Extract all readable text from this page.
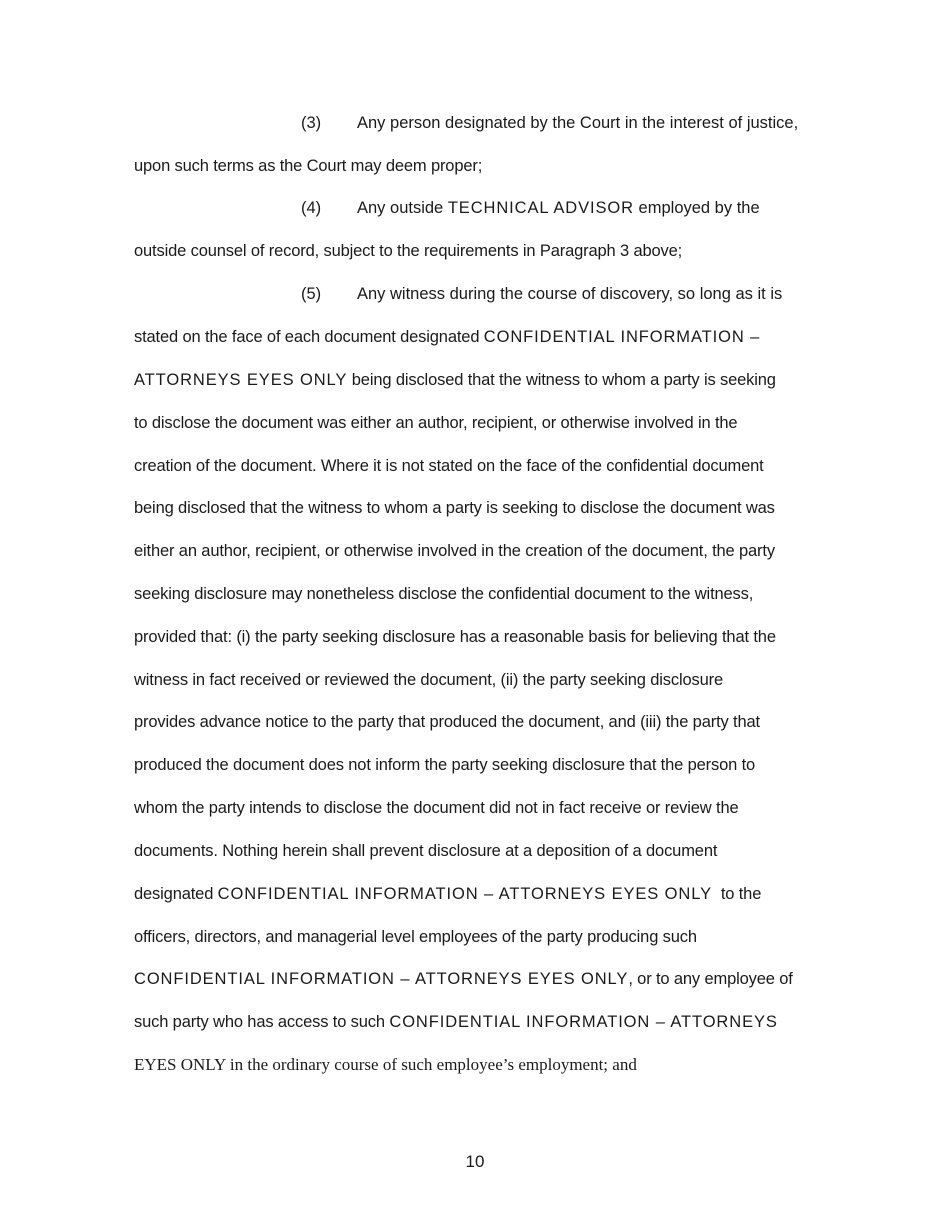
(3) Any person designated by the Court in the interest of justice,
upon such terms as the Court may deem proper;
(4) Any outside TECHNICAL ADVISOR employed by the
outside counsel of record, subject to the requirements in Paragraph 3 above;
(5) Any witness during the course of discovery, so long as it is
stated on the face of each document designated CONFIDENTIAL INFORMATION –
ATTORNEYS EYES ONLY being disclosed that the witness to whom a party is seeking
to disclose the document was either an author, recipient, or otherwise involved in the
creation of the document. Where it is not stated on the face of the confidential document
being disclosed that the witness to whom a party is seeking to disclose the document was
either an author, recipient, or otherwise involved in the creation of the document, the party
seeking disclosure may nonetheless disclose the confidential document to the witness,
provided that: (i) the party seeking disclosure has a reasonable basis for believing that the
witness in fact received or reviewed the document, (ii) the party seeking disclosure
provides advance notice to the party that produced the document, and (iii) the party that
produced the document does not inform the party seeking disclosure that the person to
whom the party intends to disclose the document did not in fact receive or review the
documents. Nothing herein shall prevent disclosure at a deposition of a document
designated CONFIDENTIAL INFORMATION – ATTORNEYS EYES ONLY  to the
officers, directors, and managerial level employees of the party producing such
CONFIDENTIAL INFORMATION – ATTORNEYS EYES ONLY, or to any employee of
such party who has access to such CONFIDENTIAL INFORMATION – ATTORNEYS
EYES ONLY in the ordinary course of such employee’s employment; and
10
